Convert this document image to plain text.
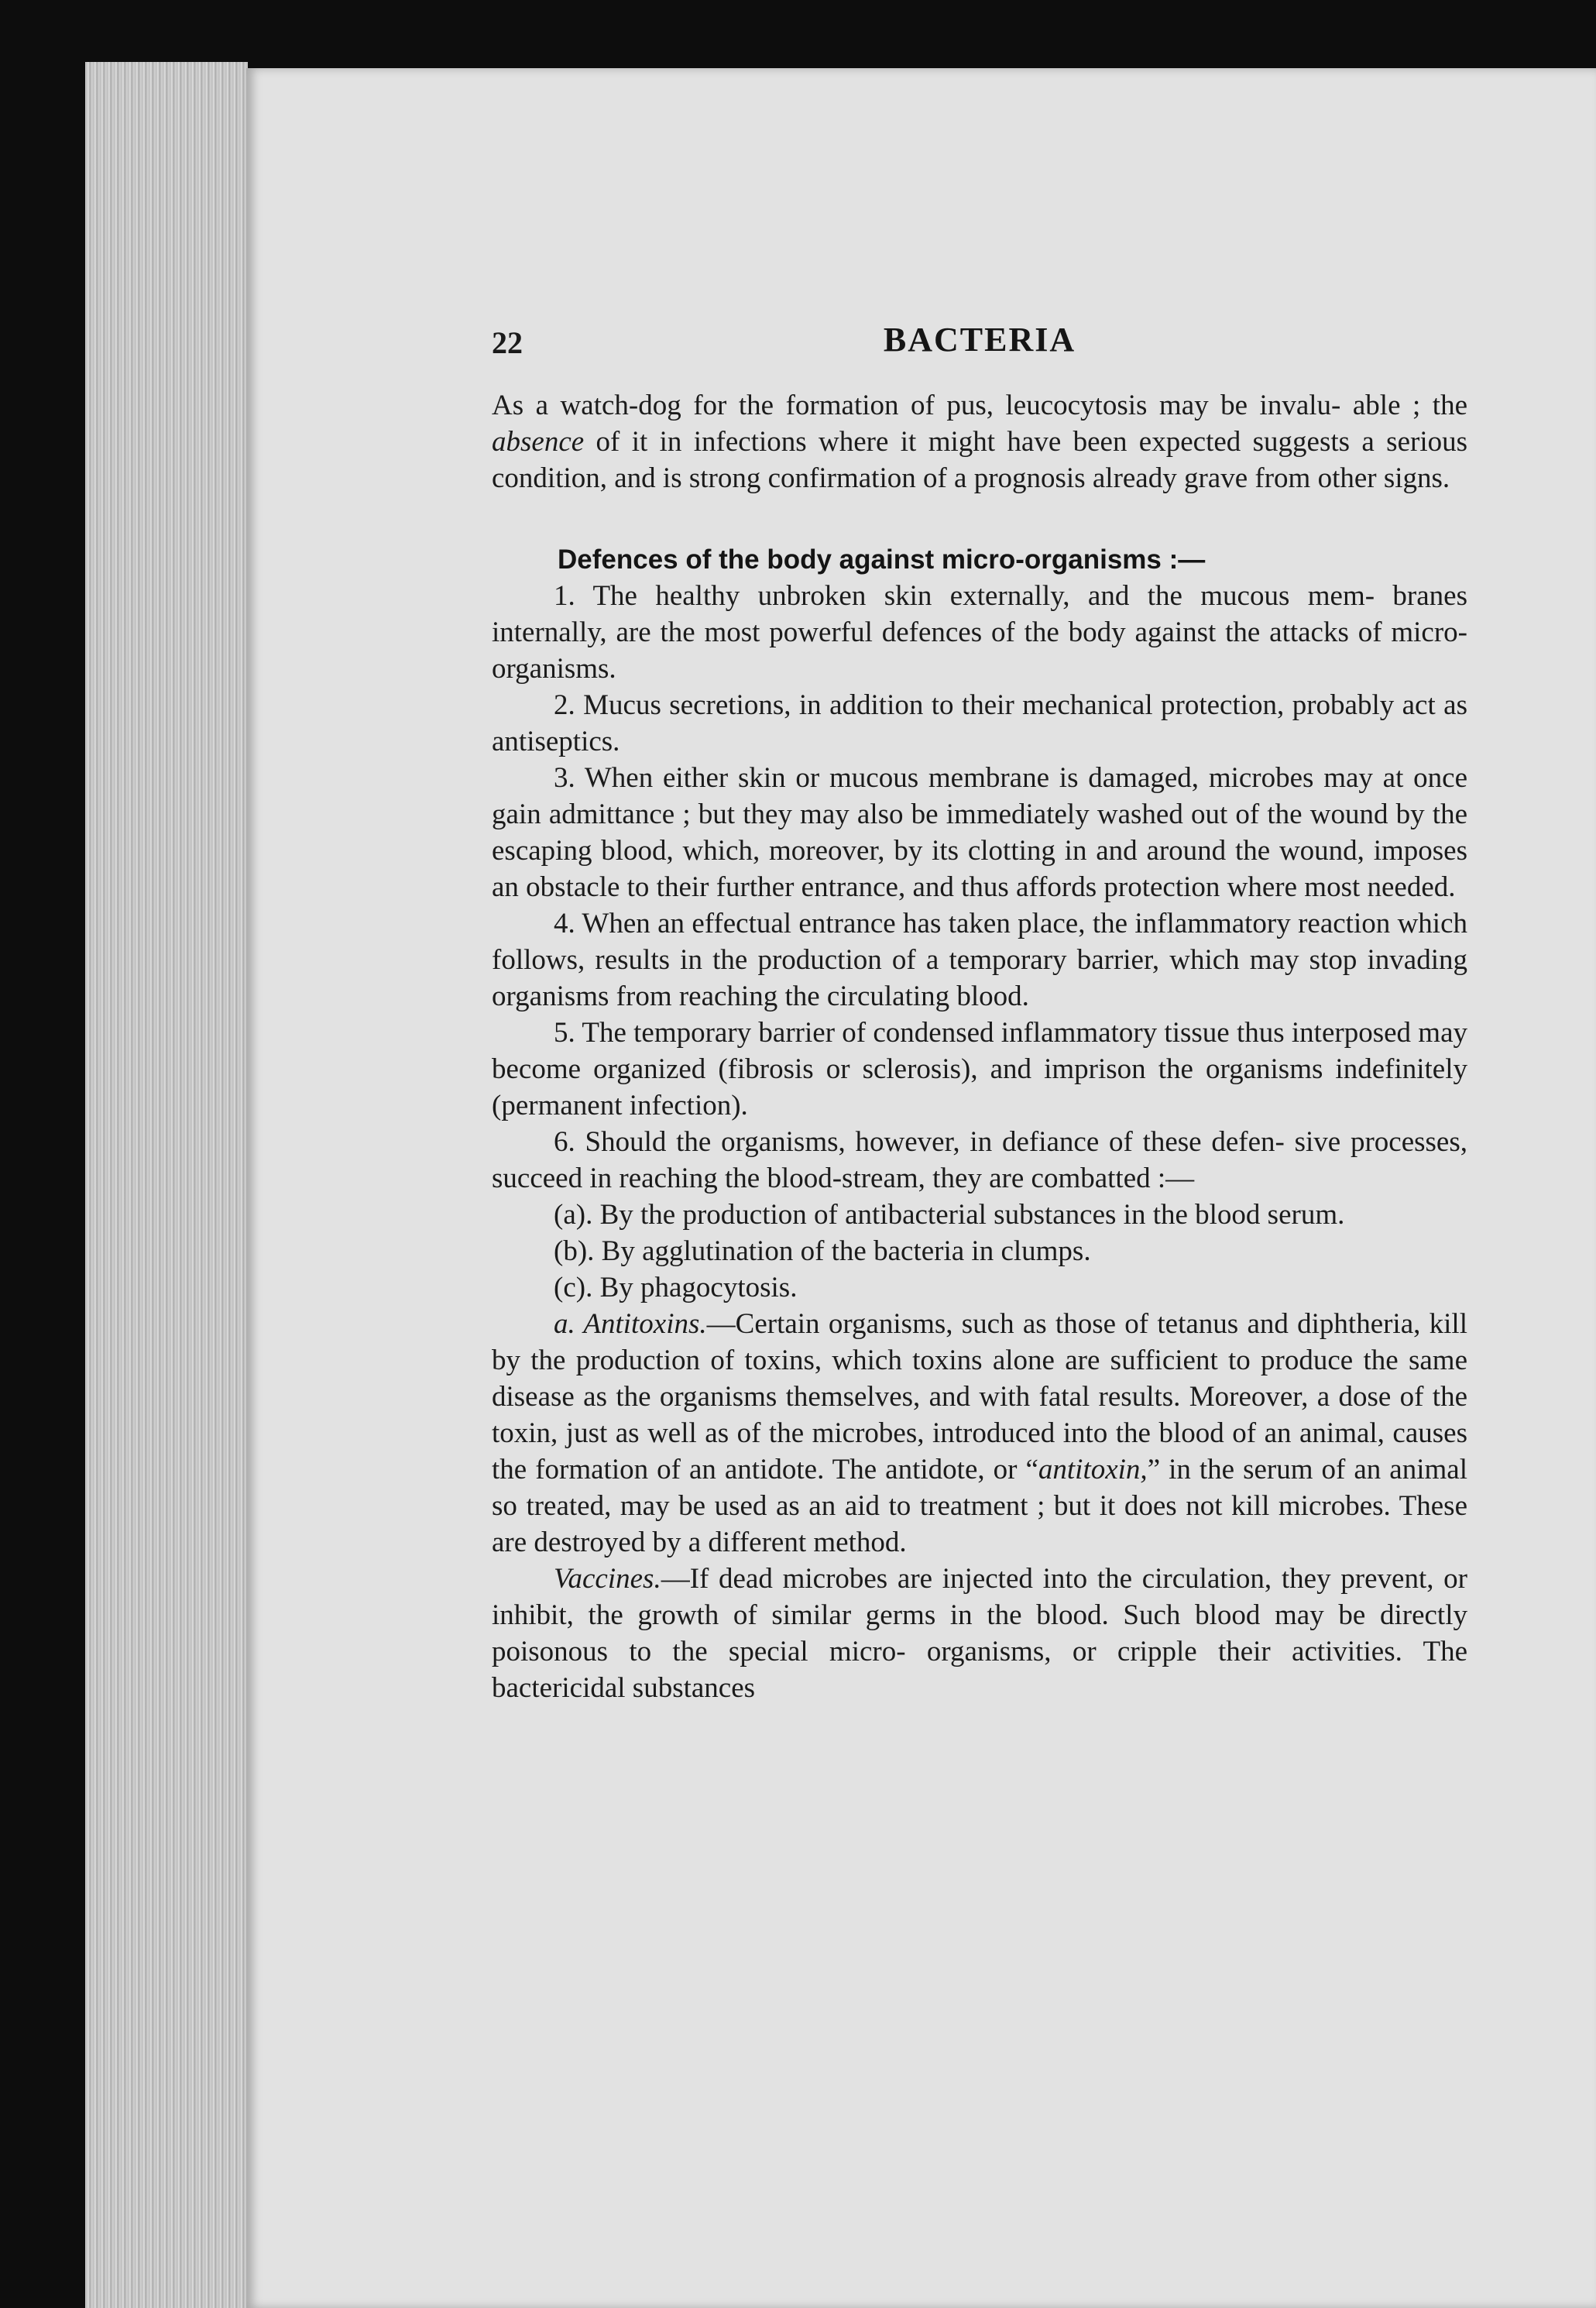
22	BACTERIA

As a watch-dog for the formation of pus, leucocytosis may be invalu- able ; the absence of it in infections where it might have been expected suggests a serious condition, and is strong confirmation of a prognosis already grave from other signs.

Defences of the body against micro-organisms :—

1. The healthy unbroken skin externally, and the mucous mem- branes internally, are the most powerful defences of the body against the attacks of micro-organisms.

2. Mucus secretions, in addition to their mechanical protection, probably act as antiseptics.

3. When either skin or mucous membrane is damaged, microbes may at once gain admittance ; but they may also be immediately washed out of the wound by the escaping blood, which, moreover, by its clotting in and around the wound, imposes an obstacle to their further entrance, and thus affords protection where most needed.

4. When an effectual entrance has taken place, the inflammatory reaction which follows, results in the production of a temporary barrier, which may stop invading organisms from reaching the circulating blood.

5. The temporary barrier of condensed inflammatory tissue thus interposed may become organized (fibrosis or sclerosis), and imprison the organisms indefinitely (permanent infection).

6. Should the organisms, however, in defiance of these defen- sive processes, succeed in reaching the blood-stream, they are combatted :—

(a). By the production of antibacterial substances in the blood serum.

(b). By agglutination of the bacteria in clumps.

(c). By phagocytosis.

a. Antitoxins.—Certain organisms, such as those of tetanus and diphtheria, kill by the production of toxins, which toxins alone are sufficient to produce the same disease as the organisms themselves, and with fatal results. Moreover, a dose of the toxin, just as well as of the microbes, introduced into the blood of an animal, causes the formation of an antidote. The antidote, or “antitoxin,” in the serum of an animal so treated, may be used as an aid to treatment ; but it does not kill microbes. These are destroyed by a different method.

Vaccines.—If dead microbes are injected into the circulation, they prevent, or inhibit, the growth of similar germs in the blood. Such blood may be directly poisonous to the special micro- organisms, or cripple their activities. The bactericidal substances
